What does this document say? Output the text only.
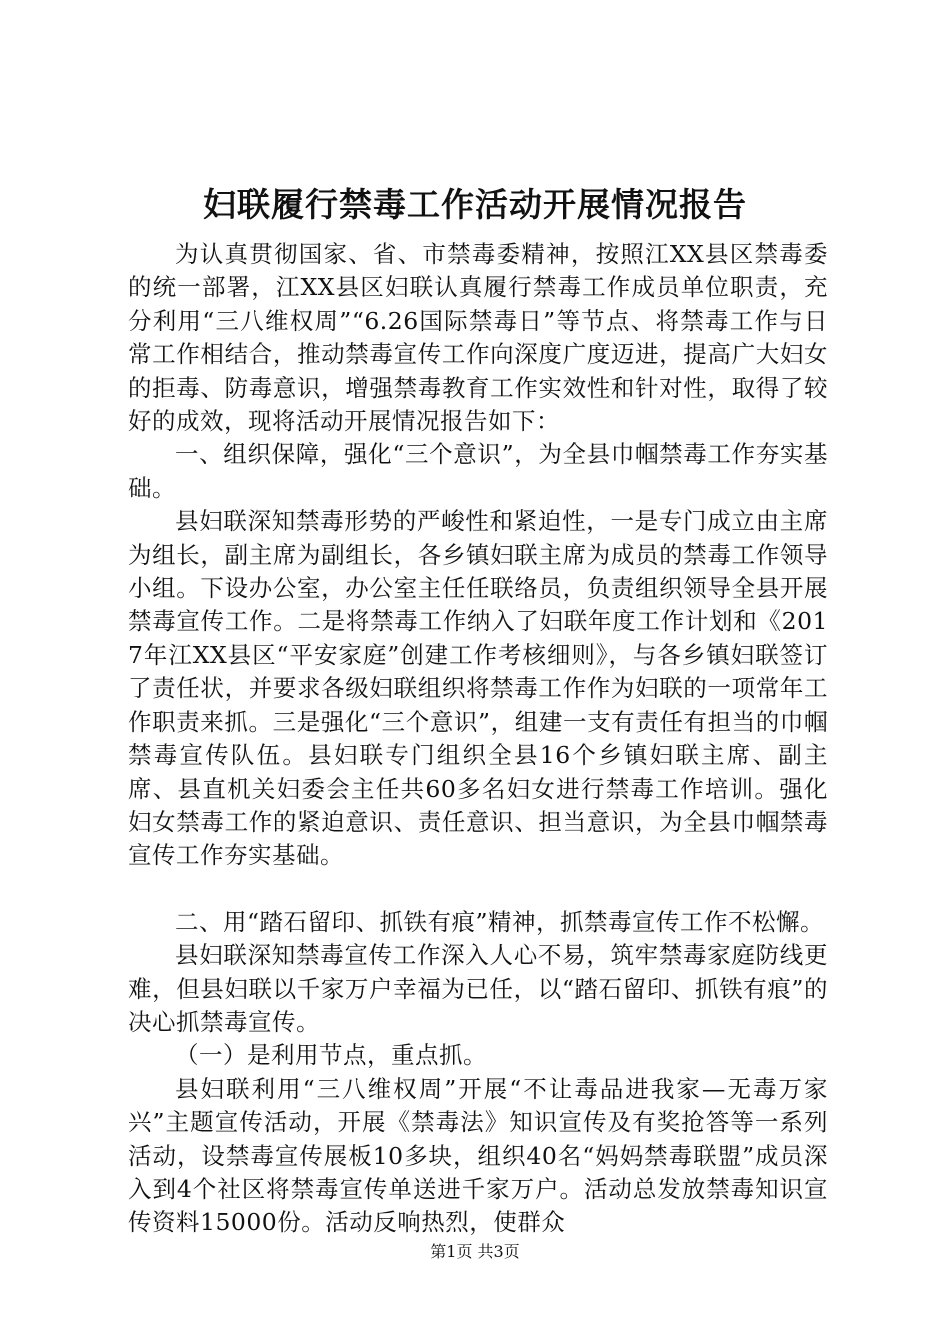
妇联履行禁毒工作活动开展情况报告

为认真贯彻国家、省、市禁毒委精神，按照江XX县区禁毒委的统一部署，江XX县区妇联认真履行禁毒工作成员单位职责，充分利用“三八维权周”“6.26国际禁毒日”等节点、将禁毒工作与日常工作相结合，推动禁毒宣传工作向深度广度迈进，提高广大妇女的拒毒、防毒意识，增强禁毒教育工作实效性和针对性，取得了较好的成效，现将活动开展情况报告如下：

一、组织保障，强化“三个意识”，为全县巾帼禁毒工作夯实基础。

县妇联深知禁毒形势的严峻性和紧迫性，一是专门成立由主席为组长，副主席为副组长，各乡镇妇联主席为成员的禁毒工作领导小组。下设办公室，办公室主任任联络员，负责组织领导全县开展禁毒宣传工作。二是将禁毒工作纳入了妇联年度工作计划和《2017年江XX县区“平安家庭”创建工作考核细则》，与各乡镇妇联签订了责任状，并要求各级妇联组织将禁毒工作作为妇联的一项常年工作职责来抓。三是强化“三个意识”，组建一支有责任有担当的巾帼禁毒宣传队伍。县妇联专门组织全县16个乡镇妇联主席、副主席、县直机关妇委会主任共60多名妇女进行禁毒工作培训。强化妇女禁毒工作的紧迫意识、责任意识、担当意识，为全县巾帼禁毒宣传工作夯实基础。

二、用“踏石留印、抓铁有痕”精神，抓禁毒宣传工作不松懈。

县妇联深知禁毒宣传工作深入人心不易，筑牢禁毒家庭防线更难，但县妇联以千家万户幸福为已任，以“踏石留印、抓铁有痕”的决心抓禁毒宣传。

（一）是利用节点，重点抓。

县妇联利用“三八维权周”开展“不让毒品进我家—无毒万家兴”主题宣传活动，开展《禁毒法》知识宣传及有奖抢答等一系列活动，设禁毒宣传展板10多块，组织40名“妈妈禁毒联盟”成员深入到4个社区将禁毒宣传单送进千家万户。活动总发放禁毒知识宣传资料15000份。活动反响热烈，使群众

第1页 共3页
